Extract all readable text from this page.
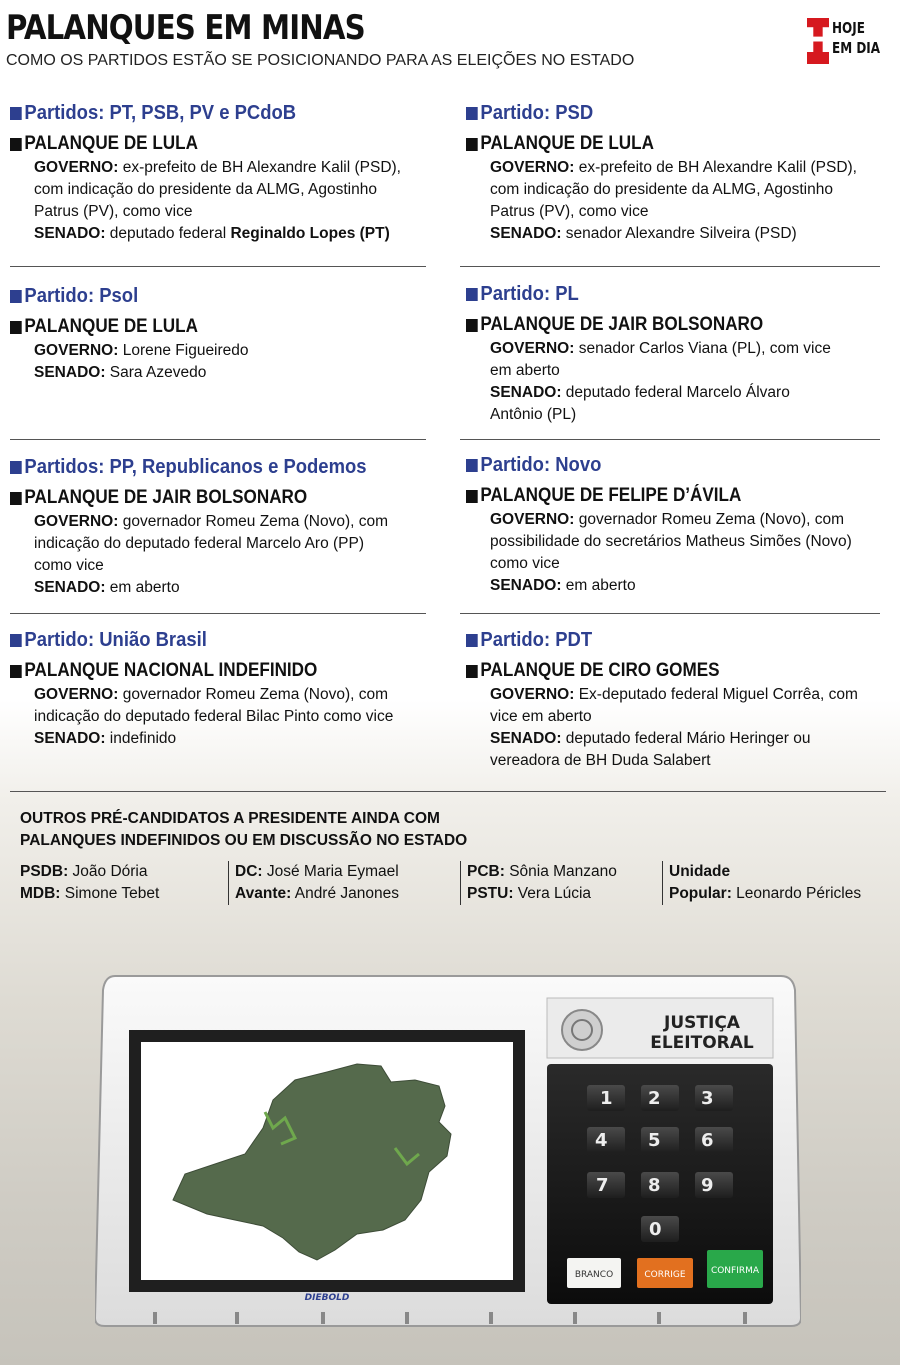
PALANQUES EM MINAS
COMO OS PARTIDOS ESTÃO SE POSICIONANDO PARA AS ELEIÇÕES NO ESTADO	H HOJE
EM DIA
Partidos: PT, PSB, PV e PCdoB
PALANQUE DE LULA
GOVERNO: ex-prefeito de BH Alexandre Kalil (PSD),
com indicação do presidente da ALMG, Agostinho
Patrus (PV), como vice
SENADO: deputado federal Reginaldo Lopes (PT)
Partido: PSD
PALANQUE DE LULA
GOVERNO: ex-prefeito de BH Alexandre Kalil (PSD),
com indicação do presidente da ALMG, Agostinho
Patrus (PV), como vice
SENADO: senador Alexandre Silveira (PSD)
Partido: Psol
PALANQUE DE LULA
GOVERNO: Lorene Figueiredo
SENADO: Sara Azevedo
Partido: PL
PALANQUE DE JAIR BOLSONARO
GOVERNO: senador Carlos Viana (PL), com vice
em aberto
SENADO: deputado federal Marcelo Álvaro
Antônio (PL)
Partidos: PP, Republicanos e Podemos
PALANQUE DE JAIR BOLSONARO
GOVERNO: governador Romeu Zema (Novo), com
indicação do deputado federal Marcelo Aro (PP)
como vice
SENADO: em aberto
Partido: Novo
PALANQUE DE FELIPE D’ÁVILA
GOVERNO: governador Romeu Zema (Novo), com
possibilidade do secretários Matheus Simões (Novo)
como vice
SENADO: em aberto
Partido: União Brasil
PALANQUE NACIONAL INDEFINIDO
GOVERNO: governador Romeu Zema (Novo), com
indicação do deputado federal Bilac Pinto como vice
SENADO: indefinido
Partido: PDT
PALANQUE DE CIRO GOMES
GOVERNO: Ex-deputado federal Miguel Corrêa, com
vice em aberto
SENADO: deputado federal Mário Heringer ou
vereadora de BH Duda Salabert
OUTROS PRÉ-CANDIDATOS A PRESIDENTE AINDA COM
PALANQUES INDEFINIDOS OU EM DISCUSSÃO NO ESTADO
PSDB: João Dória
MDB: Simone Tebet
DC: José Maria Eymael
Avante: André Janones
PCB: Sônia Manzano
PSTU: Vera Lúcia
Unidade
Popular: Leonardo Péricles
DIEBOLD
JUSTIÇA
ELEITORAL
1 2 3
4 5 6
7 8 9
0
BRANCO	CORRIGE	CONFIRMA
